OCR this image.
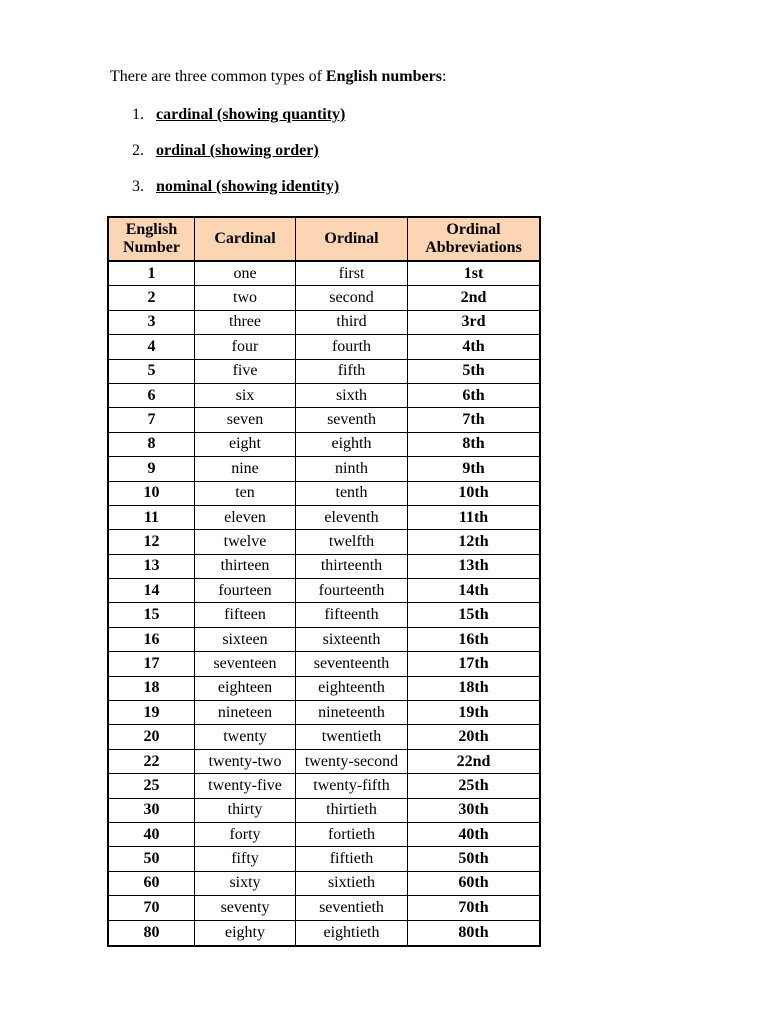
There are three common types of English numbers:

1. cardinal (showing quantity)
2. ordinal (showing order)
3. nominal (showing identity)
English
Number	Cardinal	Ordinal	Ordinal
Abbreviations
1	one	first	1st
2	two	second	2nd
3	three	third	3rd
4	four	fourth	4th
5	five	fifth	5th
6	six	sixth	6th
7	seven	seventh	7th
8	eight	eighth	8th
9	nine	ninth	9th
10	ten	tenth	10th
11	eleven	eleventh	11th
12	twelve	twelfth	12th
13	thirteen	thirteenth	13th
14	fourteen	fourteenth	14th
15	fifteen	fifteenth	15th
16	sixteen	sixteenth	16th
17	seventeen	seventeenth	17th
18	eighteen	eighteenth	18th
19	nineteen	nineteenth	19th
20	twenty	twentieth	20th
22	twenty-two	twenty-second	22nd
25	twenty-five	twenty-fifth	25th
30	thirty	thirtieth	30th
40	forty	fortieth	40th
50	fifty	fiftieth	50th
60	sixty	sixtieth	60th
70	seventy	seventieth	70th
80	eighty	eightieth	80th
